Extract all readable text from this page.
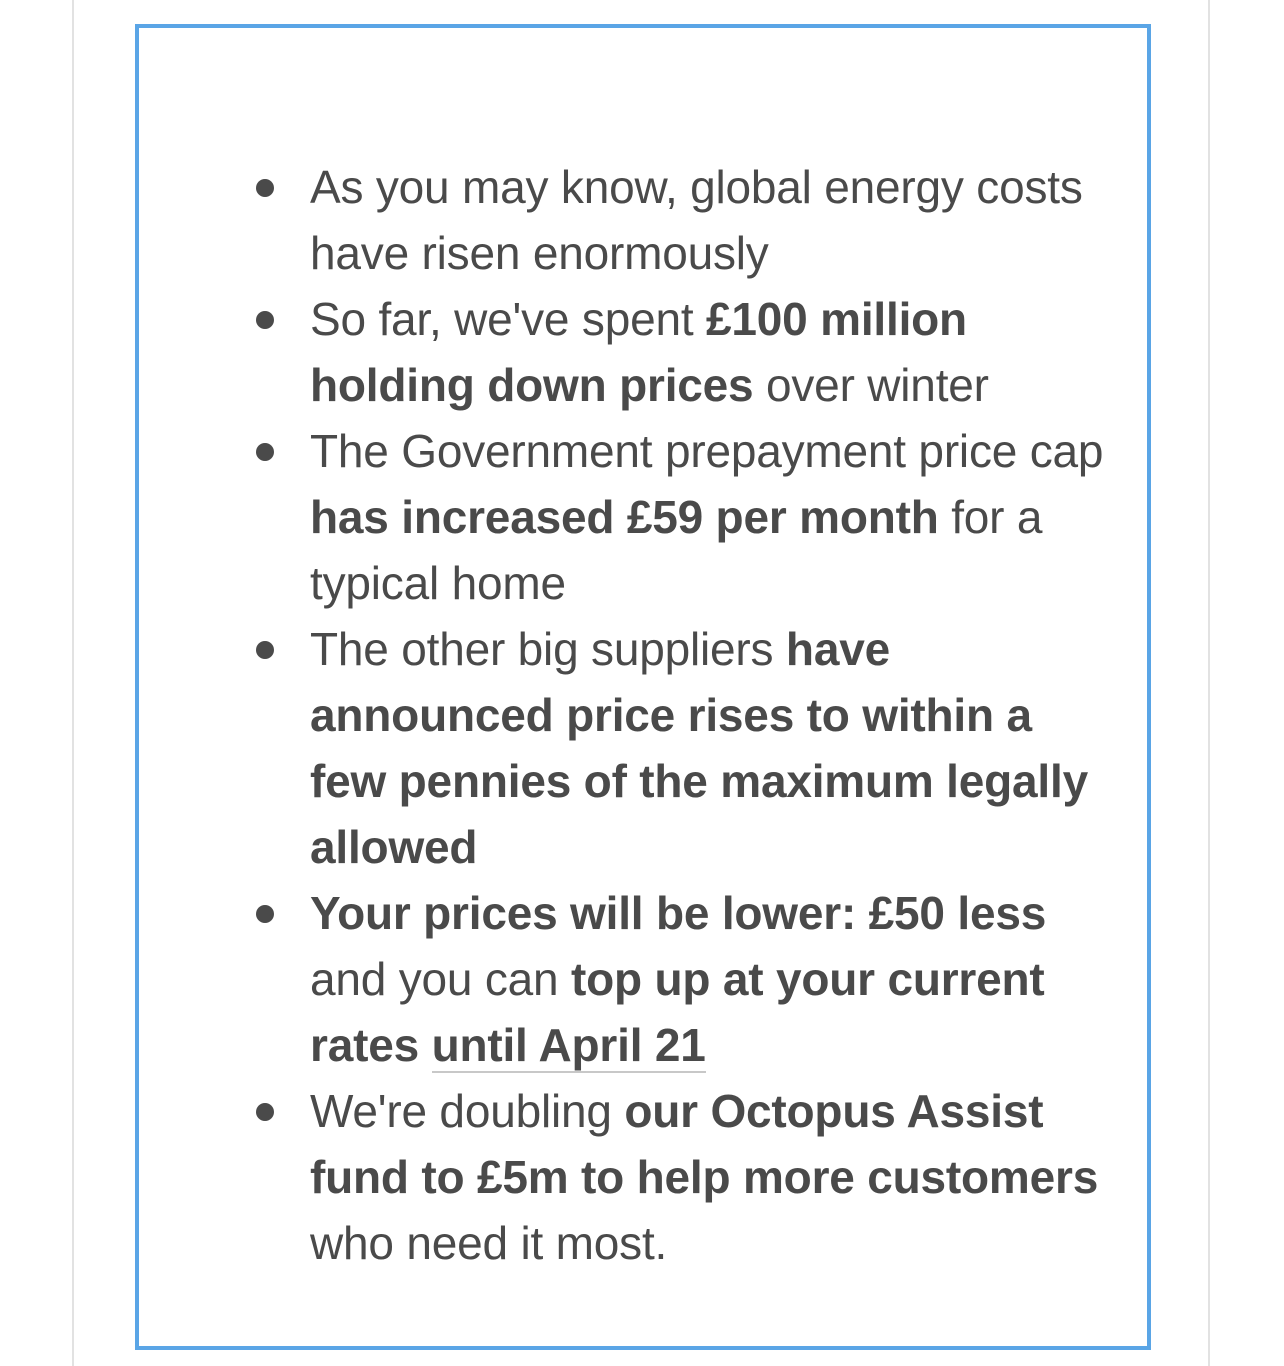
As you may know, global energy costs have risen enormously
So far, we've spent £100 million holding down prices over winter
The Government prepayment price cap has increased £59 per month for a typical home
The other big suppliers have announced price rises to within a few pennies of the maximum legally allowed
Your prices will be lower: £50 less and you can top up at your current rates until April 21
We're doubling our Octopus Assist fund to £5m to help more customers who need it most.
